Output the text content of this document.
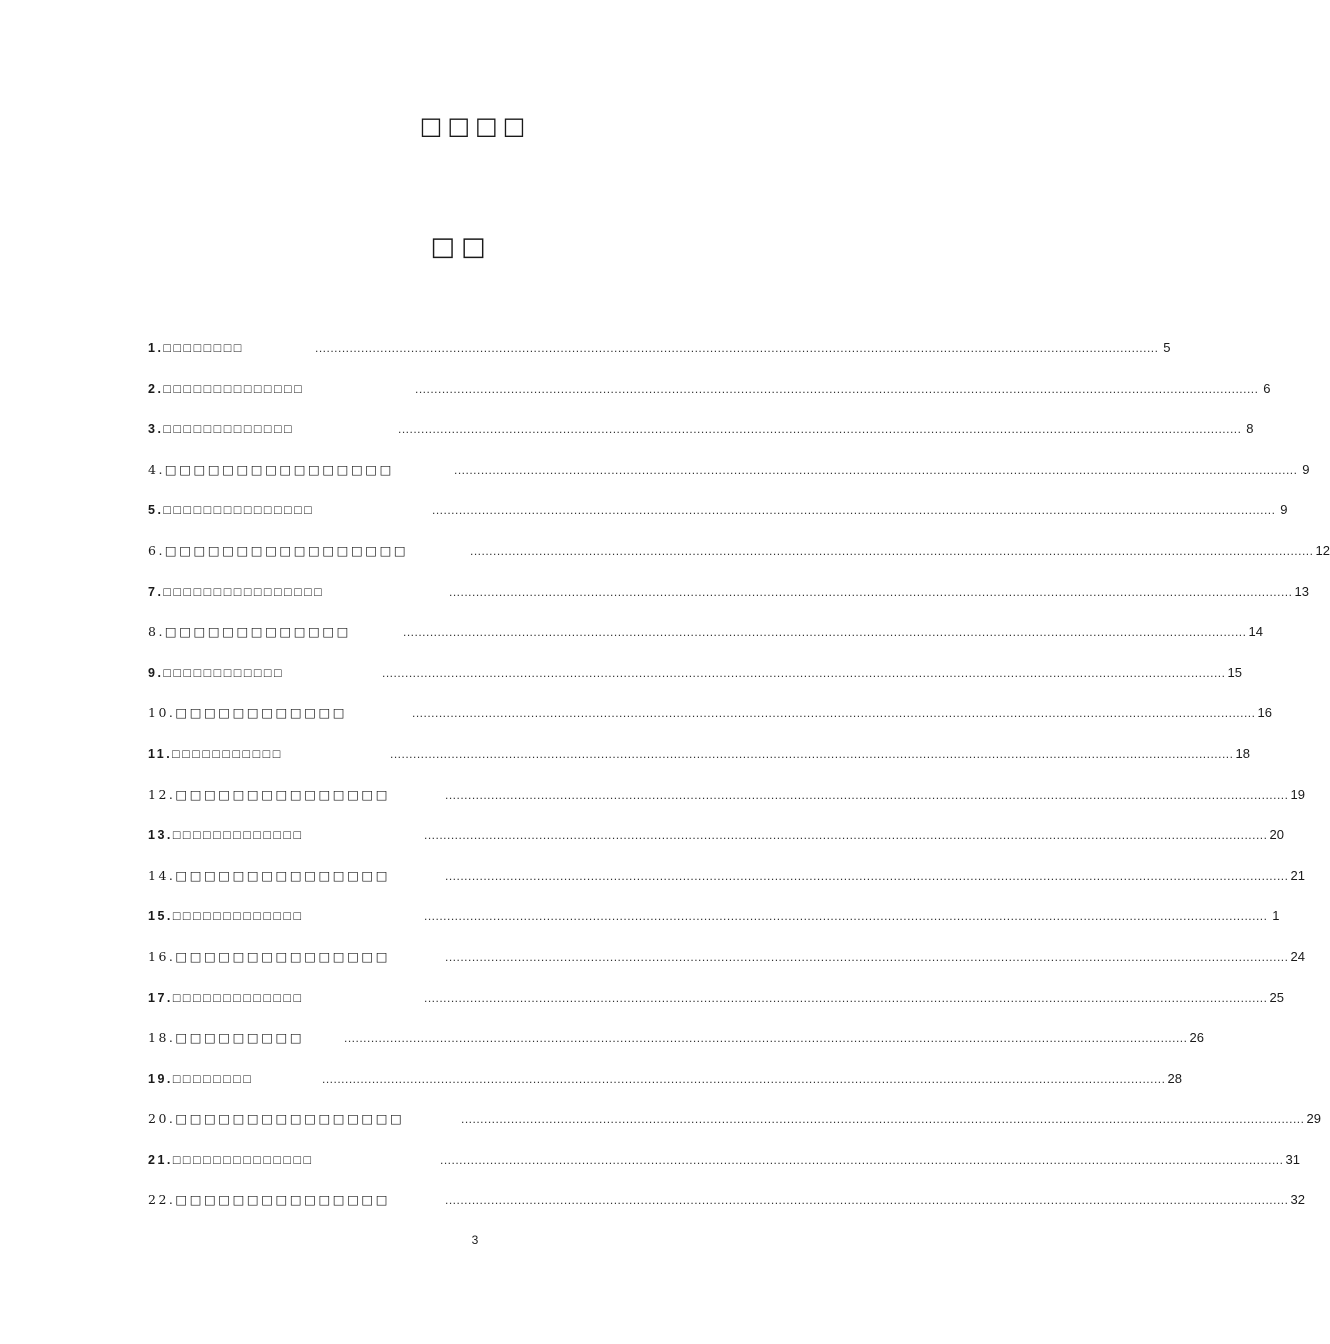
□□□□
□□
1.□□□□□□□□	............................................................................................................................................................................................................................ 5
2.□□□□□□□□□□□□□□	............................................................................................................................................................................................................................ 6
3.□□□□□□□□□□□□□	............................................................................................................................................................................................................................ 8
4.□□□□□□□□□□□□□□□□	............................................................................................................................................................................................................................ 9
5.□□□□□□□□□□□□□□□	............................................................................................................................................................................................................................ 9
6.□□□□□□□□□□□□□□□□□	............................................................................................................................................................................................................................ 12
7.□□□□□□□□□□□□□□□□	............................................................................................................................................................................................................................ 13
8.□□□□□□□□□□□□□	............................................................................................................................................................................................................................ 14
9.□□□□□□□□□□□□	............................................................................................................................................................................................................................ 15
10.□□□□□□□□□□□□	............................................................................................................................................................................................................................ 16
11.□□□□□□□□□□□	............................................................................................................................................................................................................................ 18
12.□□□□□□□□□□□□□□□	............................................................................................................................................................................................................................ 19
13.□□□□□□□□□□□□□	............................................................................................................................................................................................................................ 20
14.□□□□□□□□□□□□□□□	............................................................................................................................................................................................................................ 21
15.□□□□□□□□□□□□□	............................................................................................................................................................................................................................ 1
16.□□□□□□□□□□□□□□□	............................................................................................................................................................................................................................ 24
17.□□□□□□□□□□□□□	............................................................................................................................................................................................................................ 25
18.□□□□□□□□□	............................................................................................................................................................................................................................ 26
19.□□□□□□□□	............................................................................................................................................................................................................................ 28
20.□□□□□□□□□□□□□□□□	............................................................................................................................................................................................................................ 29
21.□□□□□□□□□□□□□□	............................................................................................................................................................................................................................ 31
22.□□□□□□□□□□□□□□□	............................................................................................................................................................................................................................ 32
3
